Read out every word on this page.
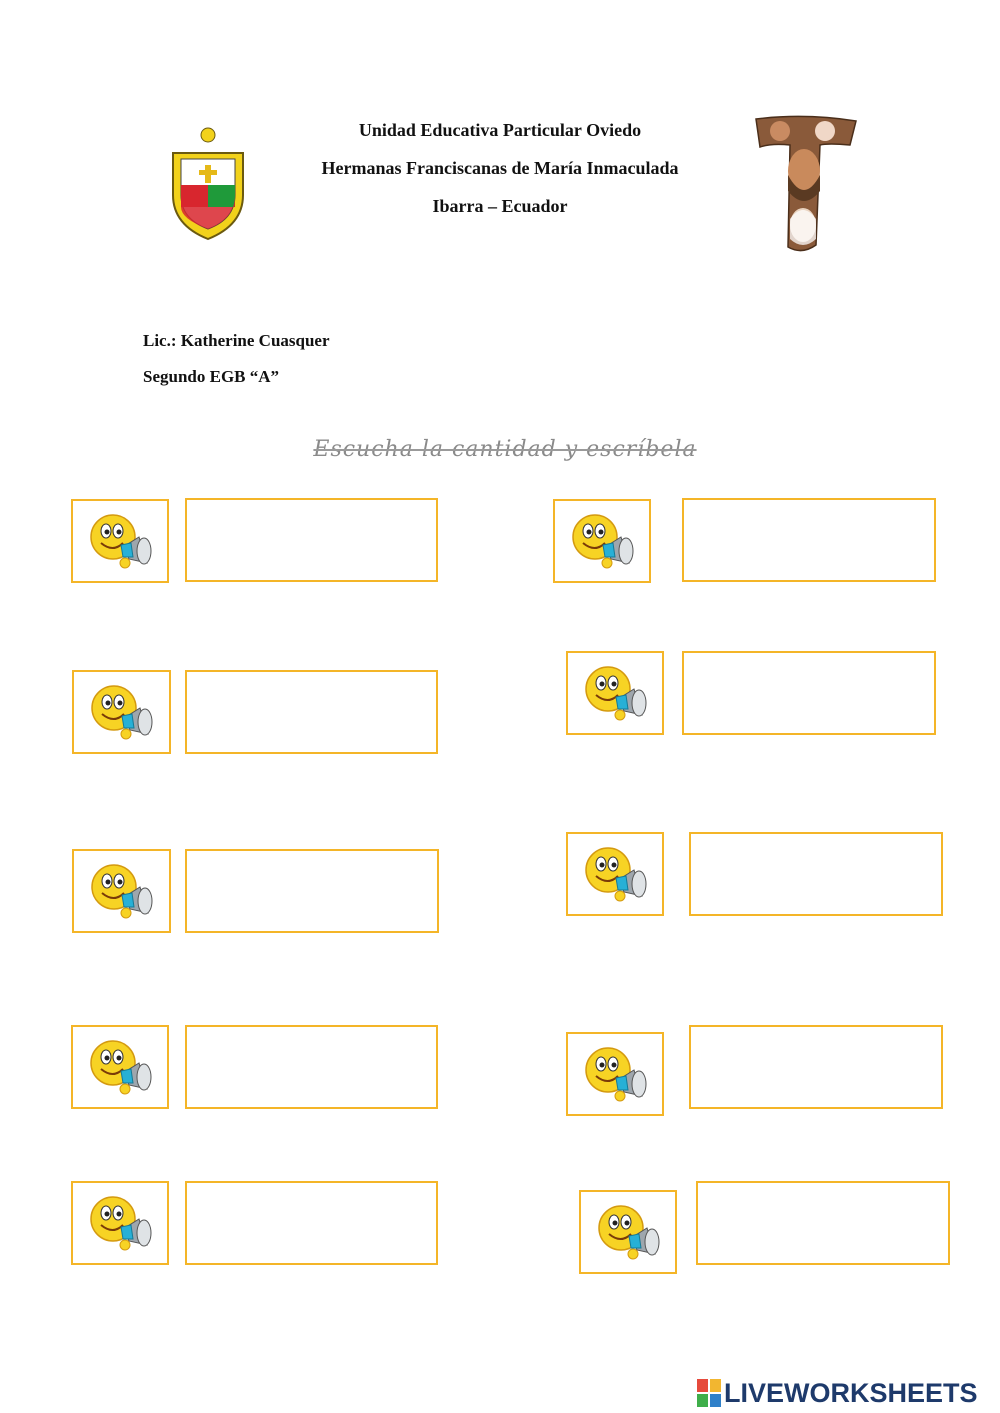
Unidad Educativa Particular Oviedo
Hermanas Franciscanas de María Inmaculada
Ibarra – Ecuador
Lic.: Katherine Cuasquer
Segundo EGB “A”
Escucha la cantidad y escríbela
LIVEWORKSHEETS
